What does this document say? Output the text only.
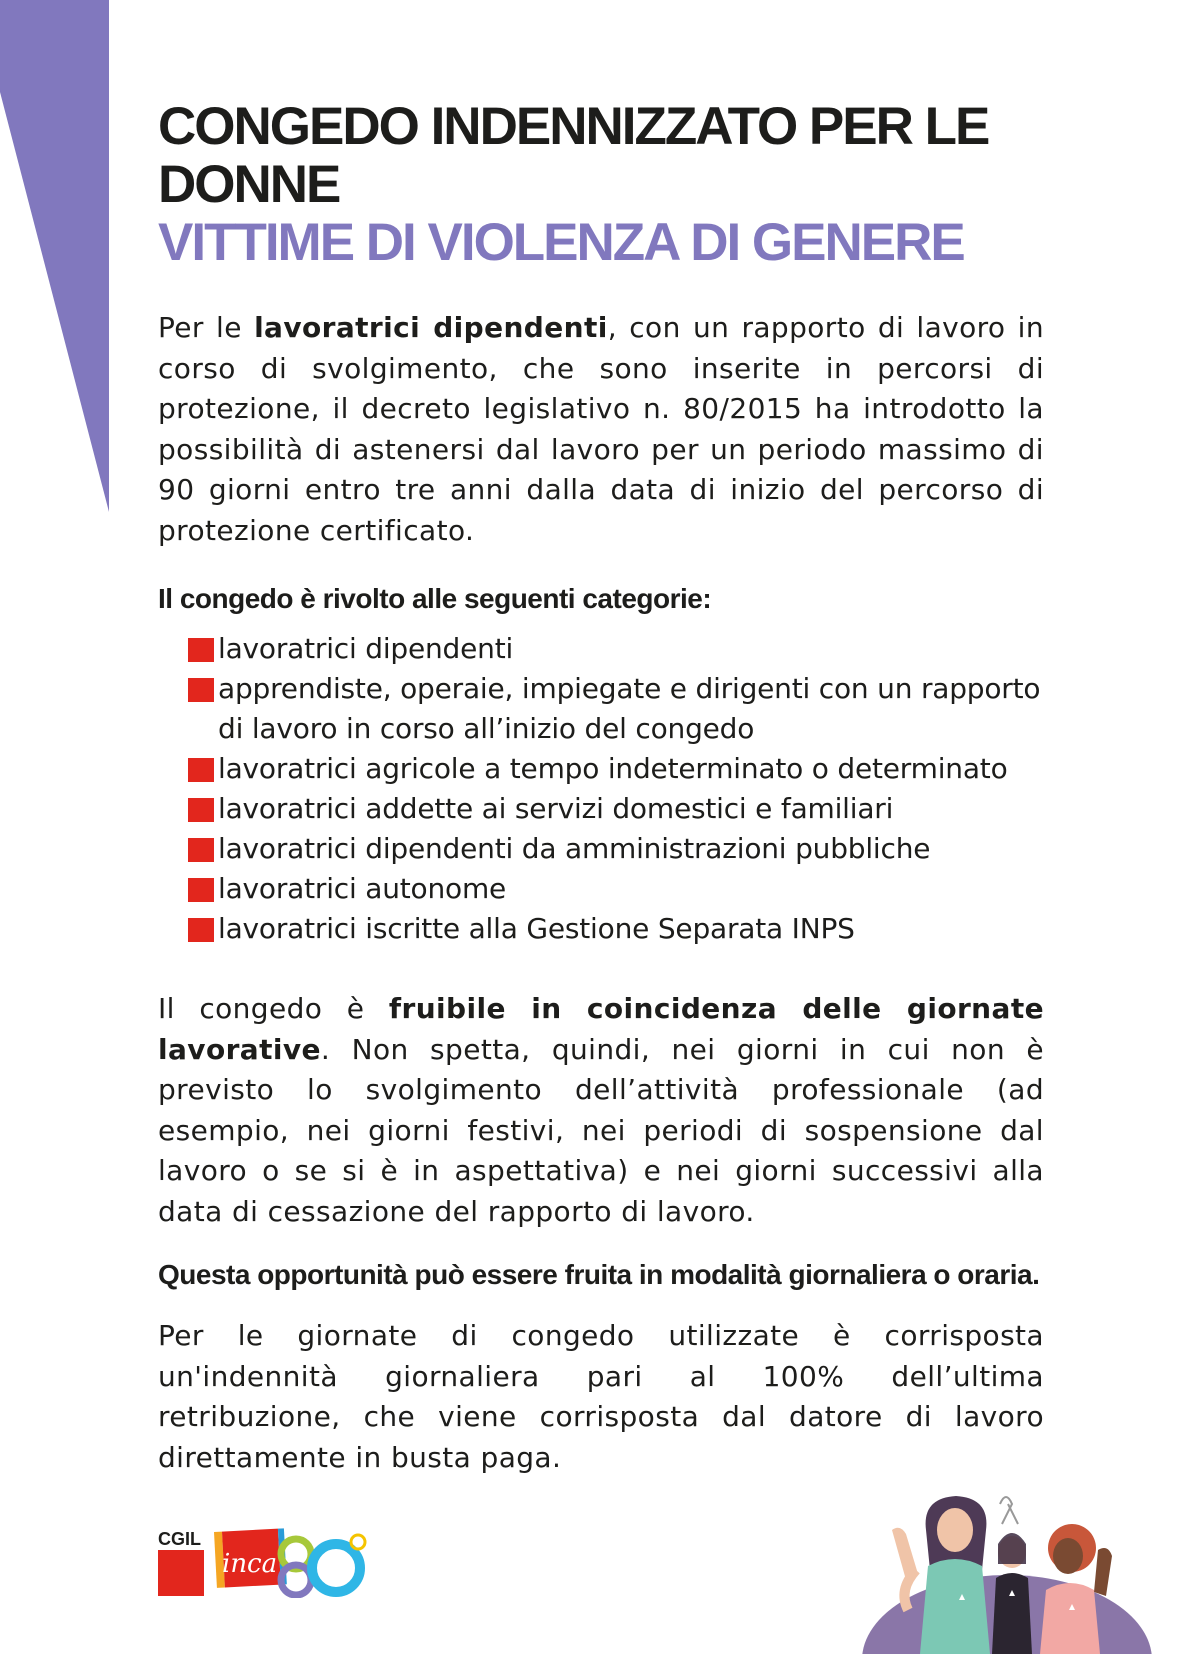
CONGEDO INDENNIZZATO PER LE
DONNE
VITTIME DI VIOLENZA DI GENERE

Per le lavoratrici dipendenti, con un rapporto di lavoro in corso di svolgimento, che sono inserite in percorsi di protezione, il decreto legislativo n. 80/2015 ha introdotto la possibilità di astenersi dal lavoro per un periodo massimo di 90 giorni entro tre anni dalla data di inizio del percorso di protezione certificato.

Il congedo è rivolto alle seguenti categorie:
lavoratrici dipendenti
apprendiste, operaie, impiegate e dirigenti con un rapporto di lavoro in corso all’inizio del congedo
lavoratrici agricole a tempo indeterminato o determinato
lavoratrici addette ai servizi domestici e familiari
lavoratrici dipendenti da amministrazioni pubbliche
lavoratrici autonome
lavoratrici iscritte alla Gestione Separata INPS

Il congedo è fruibile in coincidenza delle giornate lavorative. Non spetta, quindi, nei giorni in cui non è previsto lo svolgimento dell’attività professionale (ad esempio, nei giorni festivi, nei periodi di sospensione dal lavoro o se si è in aspettativa) e nei giorni successivi alla data di cessazione del rapporto di lavoro.

Questa opportunità può essere fruita in modalità giornaliera o oraria.

Per le giornate di congedo utilizzate è corrisposta un'indennità giornaliera pari al 100% dell’ultima retribuzione, che viene corrisposta dal datore di lavoro direttamente in busta paga.

CGIL
inca
